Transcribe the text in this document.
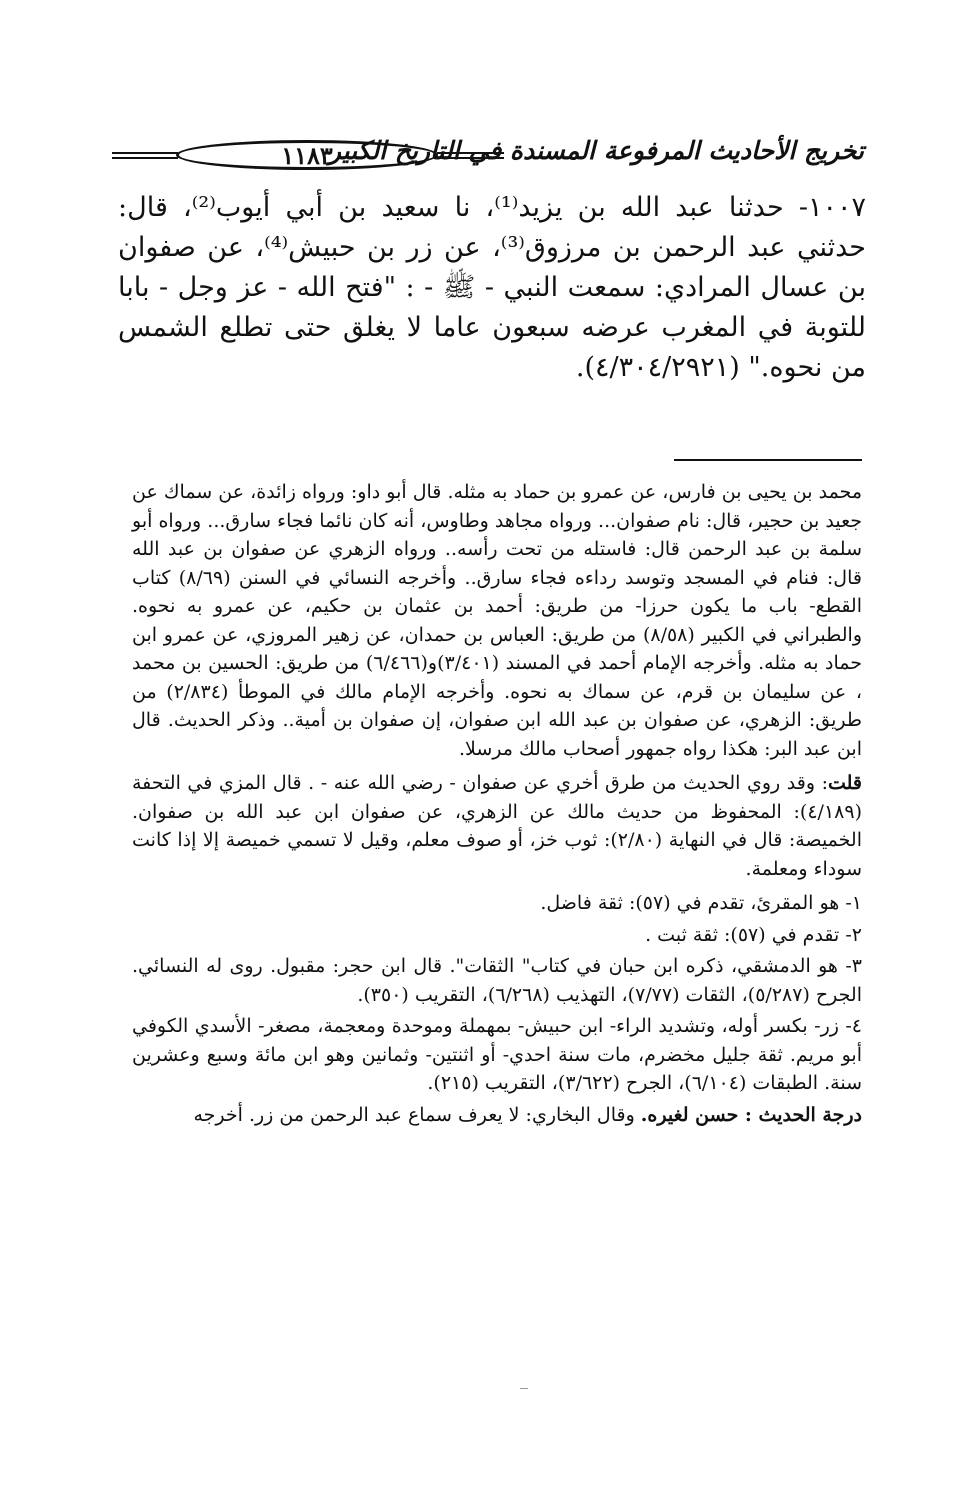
تخريج الأحاديث المرفوعة المسندة في التاريخ الكبير
١١٨٣

١٠٠٧- حدثنا عبد الله بن يزيد⁽¹⁾، نا سعيد بن أبي أيوب⁽²⁾، قال: حدثني عبد الرحمن بن مرزوق⁽³⁾، عن زر بن حبيش⁽⁴⁾، عن صفوان بن عسال المرادي: سمعت النبي - ﷺ - : "فتح الله - عز وجل - بابا للتوبة في المغرب عرضه سبعون عاما لا يغلق حتى تطلع الشمس من نحوه." (٤/٣٠٤/٢٩٢١).

محمد بن يحيى بن فارس، عن عمرو بن حماد به مثله. قال أبو داو: ورواه زائدة، عن سماك عن جعيد بن حجير، قال: نام صفوان... ورواه مجاهد وطاوس، أنه كان نائما فجاء سارق... ورواه أبو سلمة بن عبد الرحمن قال: فاستله من تحت رأسه.. ورواه الزهري عن صفوان بن عبد الله قال: فنام في المسجد وتوسد رداءه فجاء سارق.. وأخرجه النسائي في السنن (٨/٦٩) كتاب القطع- باب ما يكون حرزا- من طريق: أحمد بن عثمان بن حكيم، عن عمرو به نحوه. والطبراني في الكبير (٨/٥٨) من طريق: العباس بن حمدان، عن زهير المروزي، عن عمرو ابن حماد به مثله. وأخرجه الإمام أحمد في المسند (٣/٤٠١)و(٦/٤٦٦) من طريق: الحسين بن محمد ، عن سليمان بن قرم، عن سماك به نحوه. وأخرجه الإمام مالك في الموطأ (٢/٨٣٤) من طريق: الزهري، عن صفوان بن عبد الله ابن صفوان، إن صفوان بن أمية.. وذكر الحديث. قال ابن عبد البر: هكذا رواه جمهور أصحاب مالك مرسلا.

قلت: وقد روي الحديث من طرق أخري عن صفوان - رضي الله عنه - . قال المزي في التحفة (٤/١٨٩): المحفوظ من حديث مالك عن الزهري، عن صفوان ابن عبد الله بن صفوان. الخميصة: قال في النهاية (٢/٨٠): ثوب خز، أو صوف معلم، وقيل لا تسمي خميصة إلا إذا كانت سوداء ومعلمة.

١- هو المقرئ، تقدم في (٥٧): ثقة فاضل.

٢- تقدم في (٥٧): ثقة ثبت .

٣- هو الدمشقي، ذكره ابن حبان في كتاب" الثقات". قال ابن حجر: مقبول. روى له النسائي. الجرح (٥/٢٨٧)، الثقات (٧/٧٧)، التهذيب (٦/٢٦٨)، التقريب (٣٥٠).

٤- زر- بكسر أوله، وتشديد الراء- ابن حبيش- بمهملة وموحدة ومعجمة، مصغر- الأسدي الكوفي أبو مريم. ثقة جليل مخضرم، مات سنة احدي- أو اثنتين- وثمانين وهو ابن مائة وسبع وعشرين سنة. الطبقات (٦/١٠٤)، الجرح (٣/٦٢٢)، التقريب (٢١٥).

درجة الحديث : حسن لغيره. وقال البخاري: لا يعرف سماع عبد الرحمن من زر. أخرجه
